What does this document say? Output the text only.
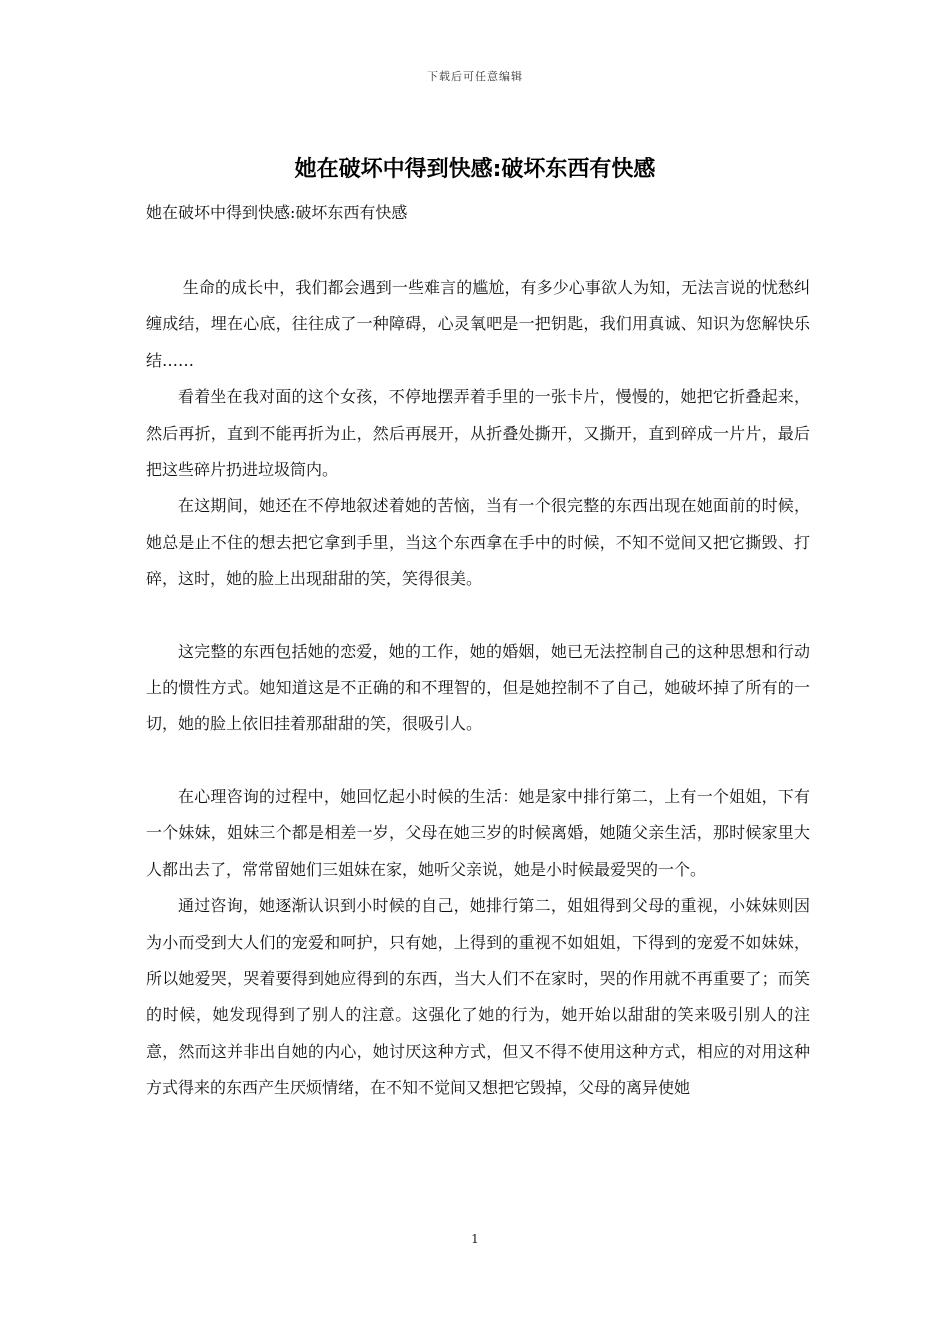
下载后可任意编辑
她在破坏中得到快感:破坏东西有快感
她在破坏中得到快感:破坏东西有快感

生命的成长中，我们都会遇到一些难言的尴尬，有多少心事欲人为知，无法言说的忧愁纠缠成结，埋在心底，往往成了一种障碍，心灵氧吧是一把钥匙，我们用真诚、知识为您解快乐结……

看着坐在我对面的这个女孩，不停地摆弄着手里的一张卡片，慢慢的，她把它折叠起来，然后再折，直到不能再折为止，然后再展开，从折叠处撕开，又撕开，直到碎成一片片，最后把这些碎片扔进垃圾筒内。

在这期间，她还在不停地叙述着她的苦恼，当有一个很完整的东西出现在她面前的时候，她总是止不住的想去把它拿到手里，当这个东西拿在手中的时候，不知不觉间又把它撕毁、打碎，这时，她的脸上出现甜甜的笑，笑得很美。

这完整的东西包括她的恋爱，她的工作，她的婚姻，她已无法控制自己的这种思想和行动上的惯性方式。她知道这是不正确的和不理智的，但是她控制不了自己，她破坏掉了所有的一切，她的脸上依旧挂着那甜甜的笑，很吸引人。

在心理咨询的过程中，她回忆起小时候的生活：她是家中排行第二，上有一个姐姐，下有一个妹妹，姐妹三个都是相差一岁，父母在她三岁的时候离婚，她随父亲生活，那时候家里大人都出去了，常常留她们三姐妹在家，她听父亲说，她是小时候最爱哭的一个。

通过咨询，她逐渐认识到小时候的自己，她排行第二，姐姐得到父母的重视，小妹妹则因为小而受到大人们的宠爱和呵护，只有她，上得到的重视不如姐姐，下得到的宠爱不如妹妹，所以她爱哭，哭着要得到她应得到的东西，当大人们不在家时，哭的作用就不再重要了；而笑的时候，她发现得到了别人的注意。这强化了她的行为，她开始以甜甜的笑来吸引别人的注意，然而这并非出自她的内心，她讨厌这种方式，但又不得不使用这种方式，相应的对用这种方式得来的东西产生厌烦情绪，在不知不觉间又想把它毁掉，父母的离异使她

1
